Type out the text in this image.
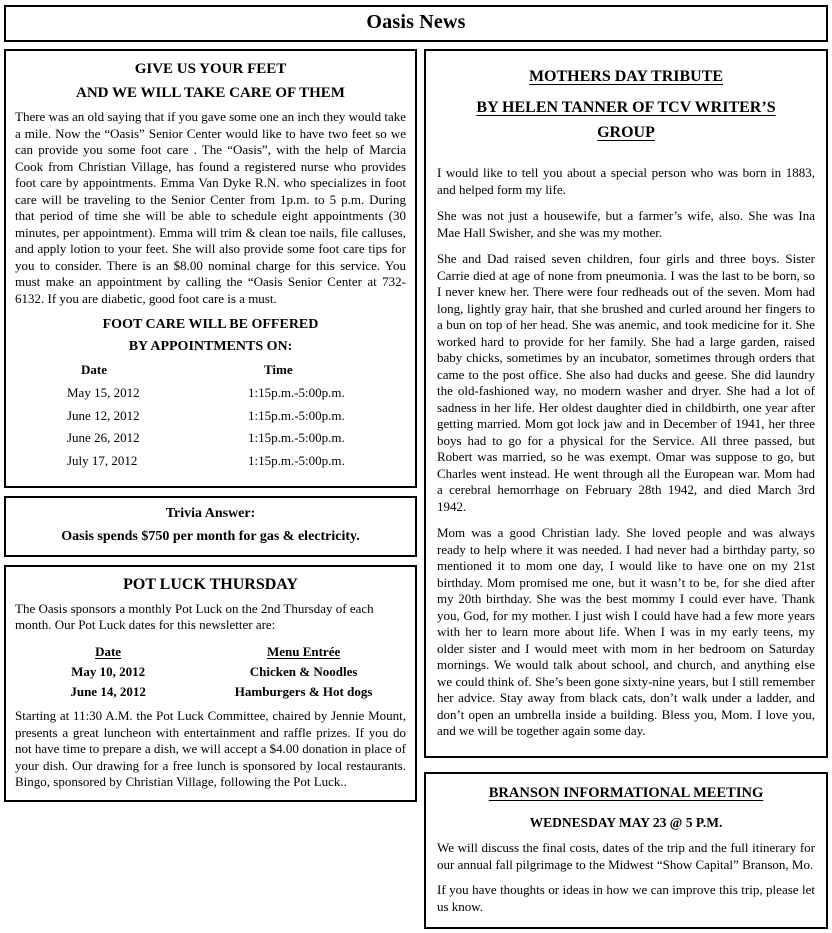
Oasis News
GIVE US YOUR FEET
AND WE WILL TAKE CARE OF THEM

There was an old saying that if you gave some one an inch they would take a mile. Now the “Oasis” Senior Center would like to have two feet so we can provide you some foot care . The “Oasis”, with the help of Marcia Cook from Christian Village, has found a registered nurse who provides foot care by appointments. Emma Van Dyke R.N. who specializes in foot care will be traveling to the Senior Center from 1p.m. to 5 p.m. During that period of time she will be able to schedule eight appointments (30 minutes, per appointment). Emma will trim & clean toe nails, file calluses, and apply lotion to your feet. She will also provide some foot care tips for you to consider. There is an $8.00 nominal charge for this service. You must make an appointment by calling the “Oasis Senior Center at 732-6132. If you are diabetic, good foot care is a must.

FOOT CARE WILL BE OFFERED
BY APPOINTMENTS ON:
Date	Time
May 15, 2012	1:15p.m.-5:00p.m.
June 12, 2012	1:15p.m.-5:00p.m.
June 26, 2012	1:15p.m.-5:00p.m.
July 17, 2012	1:15p.m.-5:00p.m.
Trivia Answer:
Oasis spends $750 per month for gas & electricity.
POT LUCK THURSDAY

The Oasis sponsors a monthly Pot Luck on the 2nd Thursday of each month. Our Pot Luck dates for this newsletter are:

Date	Menu Entrée
May 10, 2012	Chicken & Noodles
June 14, 2012	Hamburgers & Hot dogs

Starting at 11:30 A.M. the Pot Luck Committee, chaired by Jennie Mount, presents a great luncheon with entertainment and raffle prizes. If you do not have time to prepare a dish, we will accept a $4.00 donation in place of your dish. Our drawing for a free lunch is sponsored by local restaurants. Bingo, sponsored by Christian Village, following the Pot Luck..

MOTHERS DAY TRIBUTE
BY HELEN TANNER OF TCV WRITER’S GROUP

I would like to tell you about a special person who was born in 1883, and helped form my life.

She was not just a housewife, but a farmer’s wife, also. She was Ina Mae Hall Swisher, and she was my mother.

She and Dad raised seven children, four girls and three boys. Sister Carrie died at age of none from pneumonia. I was the last to be born, so I never knew her. There were four redheads out of the seven. Mom had long, lightly gray hair, that she brushed and curled around her fingers to a bun on top of her head. She was anemic, and took medicine for it. She worked hard to provide for her family. She had a large garden, raised baby chicks, sometimes by an incubator, sometimes through orders that came to the post office. She also had ducks and geese. She did laundry the old-fashioned way, no modern washer and dryer. She had a lot of sadness in her life. Her oldest daughter died in childbirth, one year after getting married. Mom got lock jaw and in December of 1941, her three boys had to go for a physical for the Service. All three passed, but Robert was married, so he was exempt. Omar was suppose to go, but Charles went instead. He went through all the European war. Mom had a cerebral hemorrhage on February 28th 1942, and died March 3rd 1942.

Mom was a good Christian lady. She loved people and was always ready to help where it was needed. I had never had a birthday party, so mentioned it to mom one day, I would like to have one on my 21st birthday. Mom promised me one, but it wasn’t to be, for she died after my 20th birthday. She was the best mommy I could ever have. Thank you, God, for my mother. I just wish I could have had a few more years with her to learn more about life. When I was in my early teens, my older sister and I would meet with mom in her bedroom on Saturday mornings. We would talk about school, and church, and anything else we could think of. She’s been gone sixty-nine years, but I still remember her advice. Stay away from black cats, don’t walk under a ladder, and don’t open an umbrella inside a building. Bless you, Mom. I love you, and we will be together again some day.

BRANSON INFORMATIONAL MEETING
WEDNESDAY MAY 23 @ 5 P.M.

We will discuss the final costs, dates of the trip and the full itinerary for our annual fall pilgrimage to the Midwest “Show Capital” Branson, Mo.

If you have thoughts or ideas in how we can improve this trip, please let us know.
